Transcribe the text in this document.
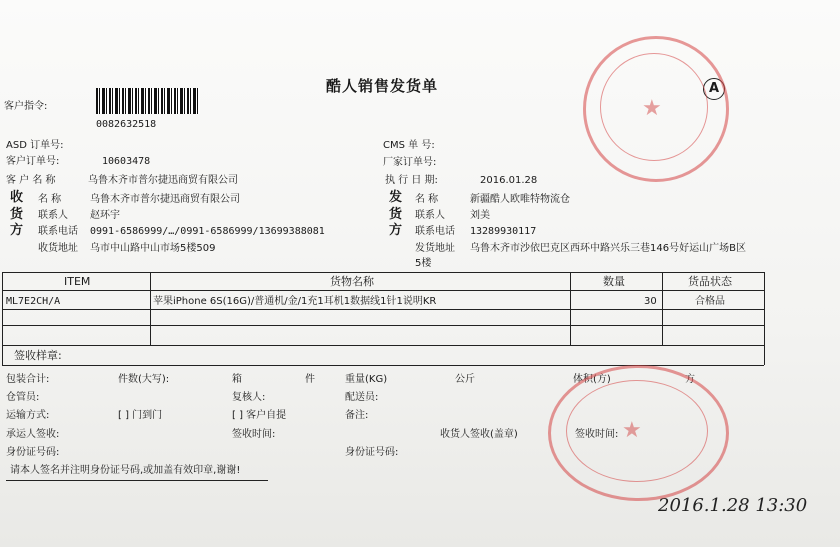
酷人销售发货单	A
客户指令:
0082632518
ASD 订单号:	CMS 单 号:
客户订单号:	10603478	厂家订单号:
客 户 名 称	乌鲁木齐市普尔捷迅商贸有限公司	执 行 日 期:	2016.01.28
收
货
方
名 称	乌鲁木齐市普尔捷迅商贸有限公司
联系人 赵环宇
联系电话 0991-6586999/…/0991-6586999/13699388081
收货地址 乌市中山路中山市场5楼509
发
货
方
名 称	新疆酷人欧唯特物流仓
联系人	刘美
联系电话 13289930117
发货地址 乌鲁木齐市沙依巴克区西环中路兴乐三巷146号好运山广场B区
5楼
ITEM	货物名称	数量	货品状态
ML7E2CH/A	苹果iPhone 6S(16G)/普通机/金/1充1耳机1数据线1针1说明KR	30	合格品
签收样章:
包装合计:	件数(大写):	箱	件	重量(KG)	公斤	体积(方)	方
仓管员:	复核人:	配送员:
运输方式:	[ ] 门到门	[ ] 客户自提	备注:
承运人签收:	签收时间:	收货人签收(盖章)	签收时间:
身份证号码:	身份证号码:
请本人签名并注明身份证号码,或加盖有效印章,谢谢!
2016.1.28 13:30
★
★
